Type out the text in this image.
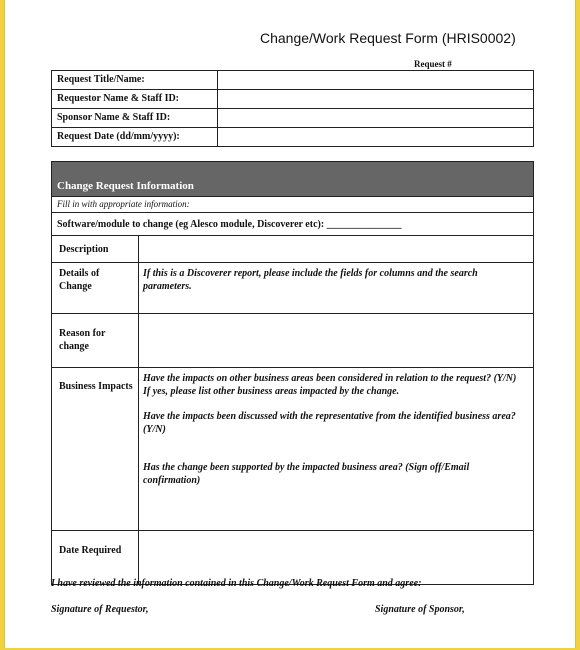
Change/Work Request Form (HRIS0002)
Request #
Request Title/Name:	
Requestor Name & Staff ID:	
Sponsor Name & Staff ID:	
Request Date (dd/mm/yyyy):	
Change Request Information	
Fill in with appropriate information:	
Software/module to change (eg Alesco module, Discoverer etc): _______________	
Description	
Details of Change	If this is a Discoverer report, please include the fields for columns and the search parameters.
Reason for change	
Business Impacts	Have the impacts on other business areas been considered in relation to the request? (Y/N)

If yes, please list other business areas impacted by the change.

Have the impacts been discussed with the representative from the identified business area?(Y/N)

Has the change been supported by the impacted business area? (Sign off/Email confirmation)

Date Required	
I have reviewed the information contained in this Change/Work Request Form and agree:
Signature of Requestor,	Signature of Sponsor,
